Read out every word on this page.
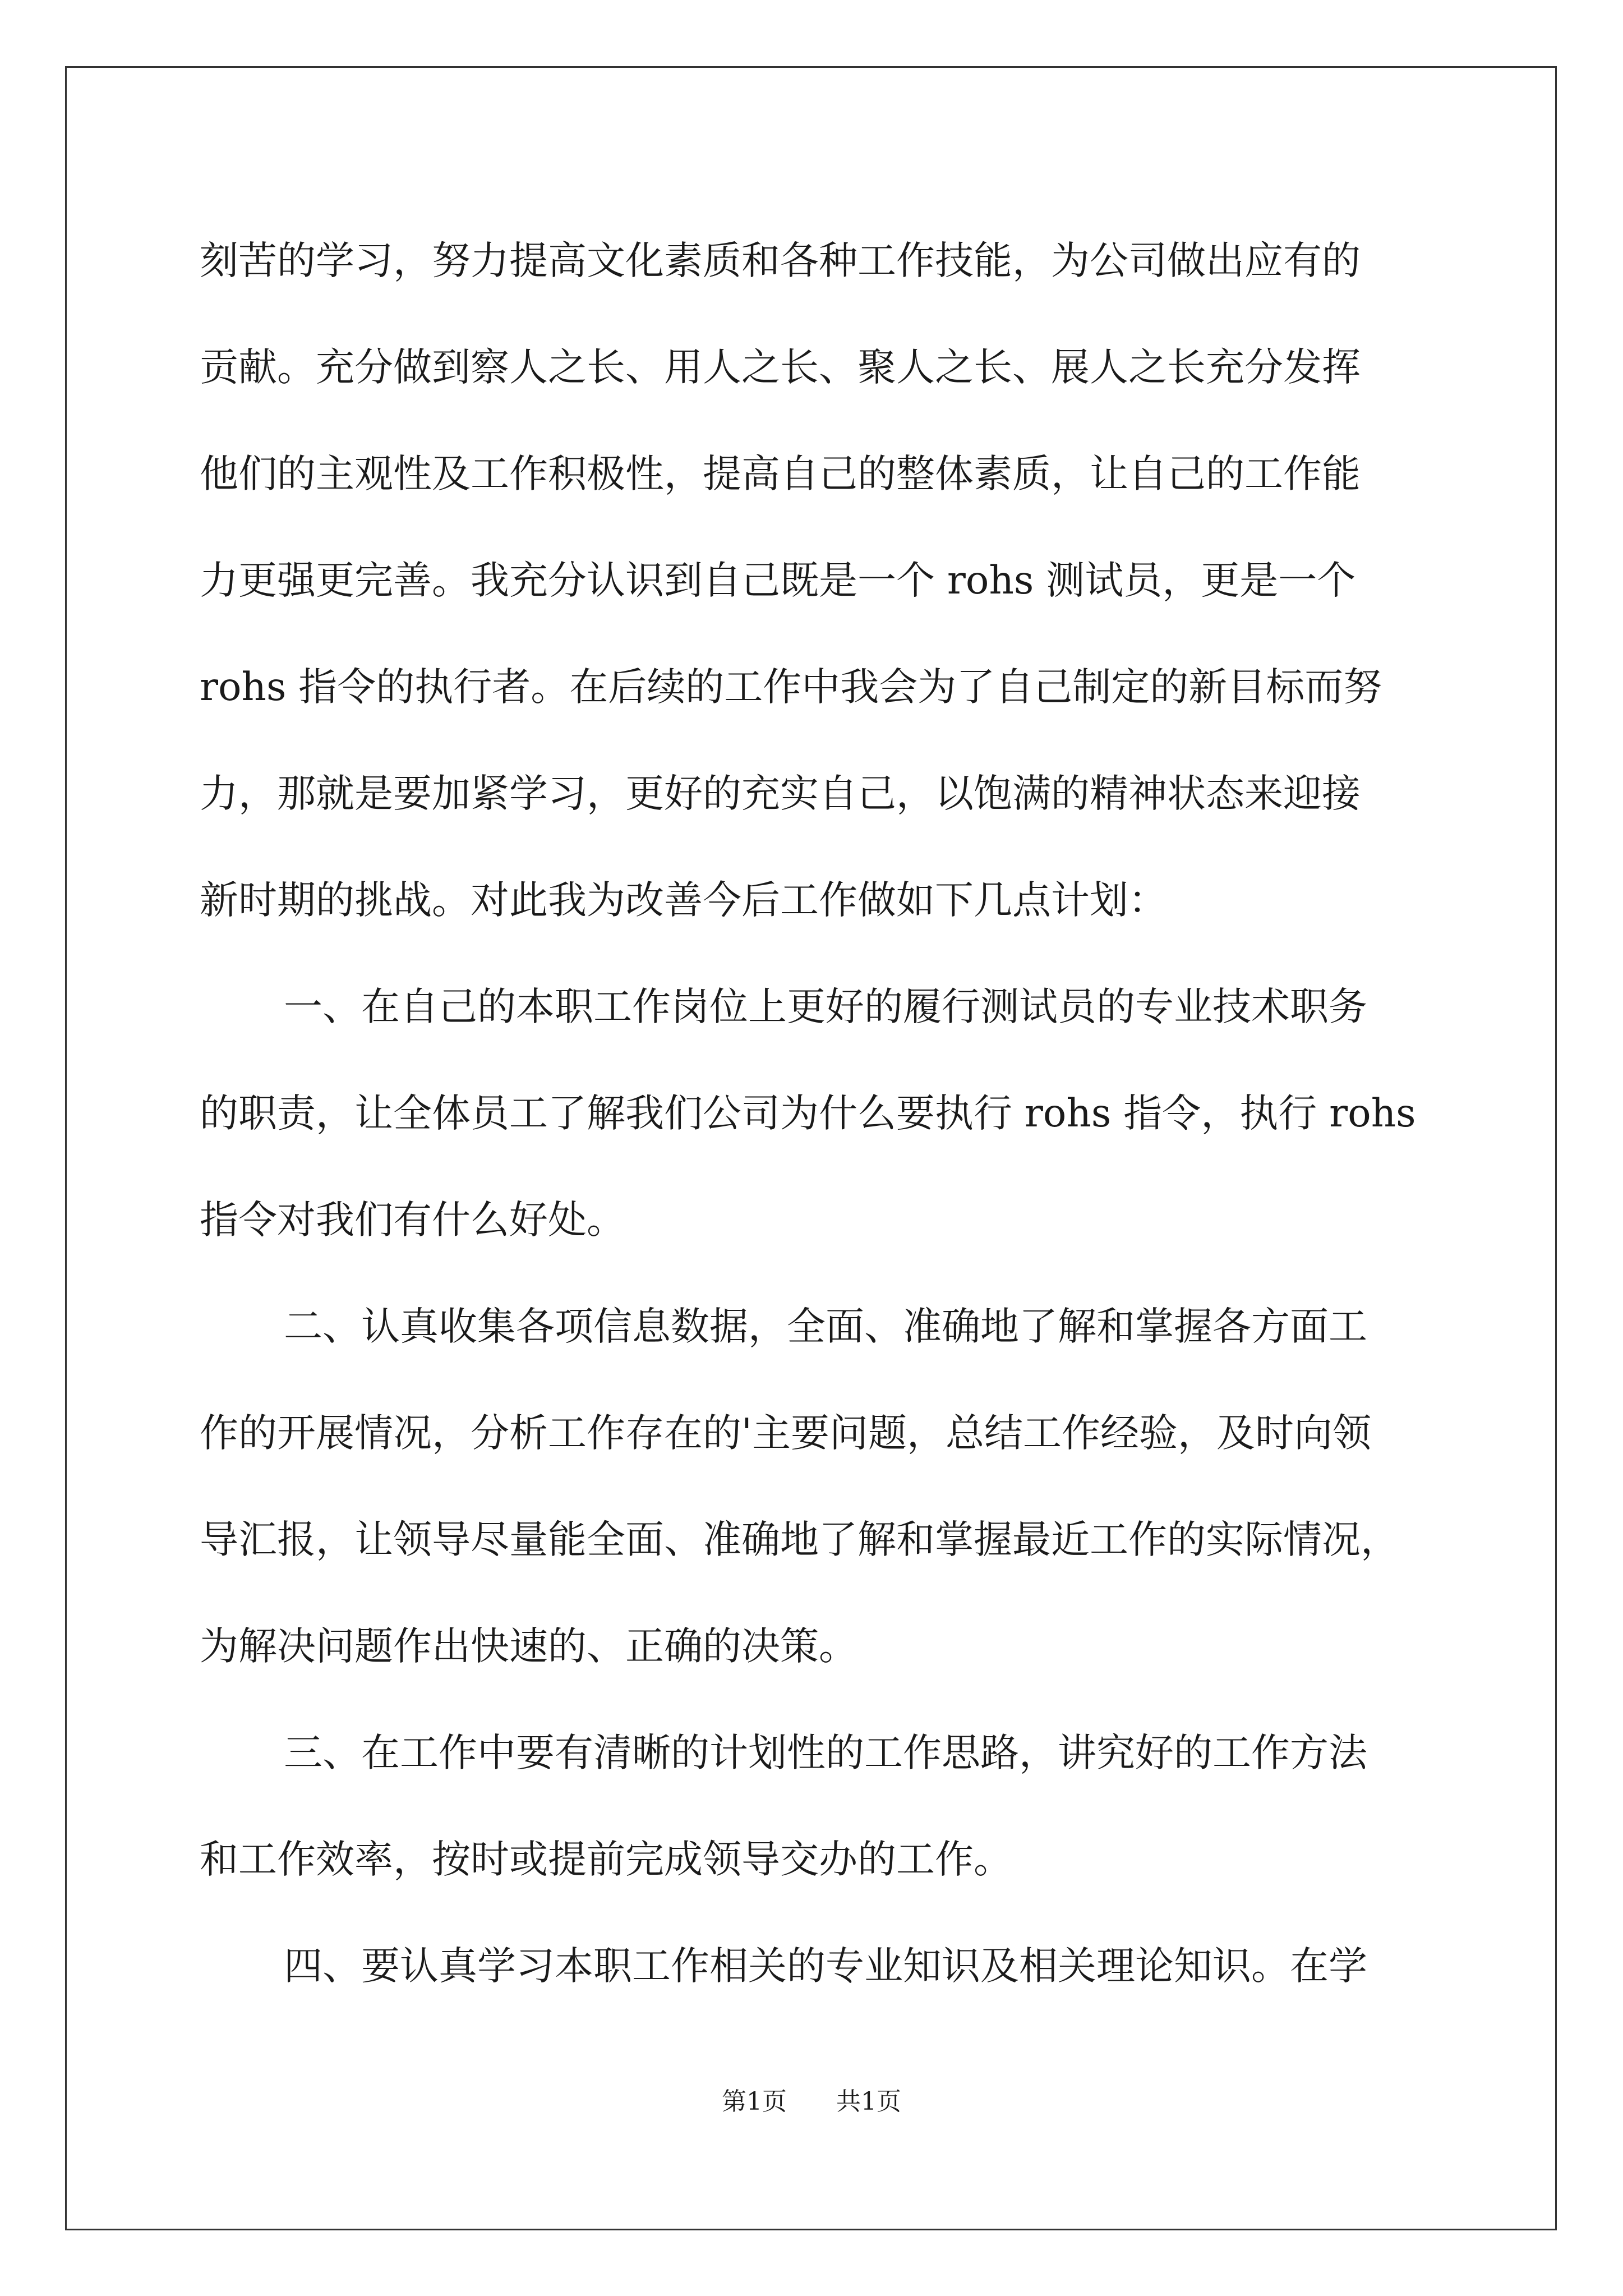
刻苦的学习，努力提高文化素质和各种工作技能，为公司做出应有的
贡献。充分做到察人之长、用人之长、聚人之长、展人之长充分发挥
他们的主观性及工作积极性，提高自己的整体素质，让自己的工作能
力更强更完善。我充分认识到自己既是一个 rohs 测试员，更是一个
rohs 指令的执行者。在后续的工作中我会为了自己制定的新目标而努
力，那就是要加紧学习，更好的充实自己，以饱满的精神状态来迎接
新时期的挑战。对此我为改善今后工作做如下几点计划：
一、在自己的本职工作岗位上更好的履行测试员的专业技术职务
的职责，让全体员工了解我们公司为什么要执行 rohs 指令，执行 rohs
指令对我们有什么好处。
二、认真收集各项信息数据，全面、准确地了解和掌握各方面工
作的开展情况，分析工作存在的'主要问题，总结工作经验，及时向领
导汇报，让领导尽量能全面、准确地了解和掌握最近工作的实际情况，
为解决问题作出快速的、正确的决策。
三、在工作中要有清晰的计划性的工作思路，讲究好的工作方法
和工作效率，按时或提前完成领导交办的工作。
四、要认真学习本职工作相关的专业知识及相关理论知识。在学
第1页 共1页
